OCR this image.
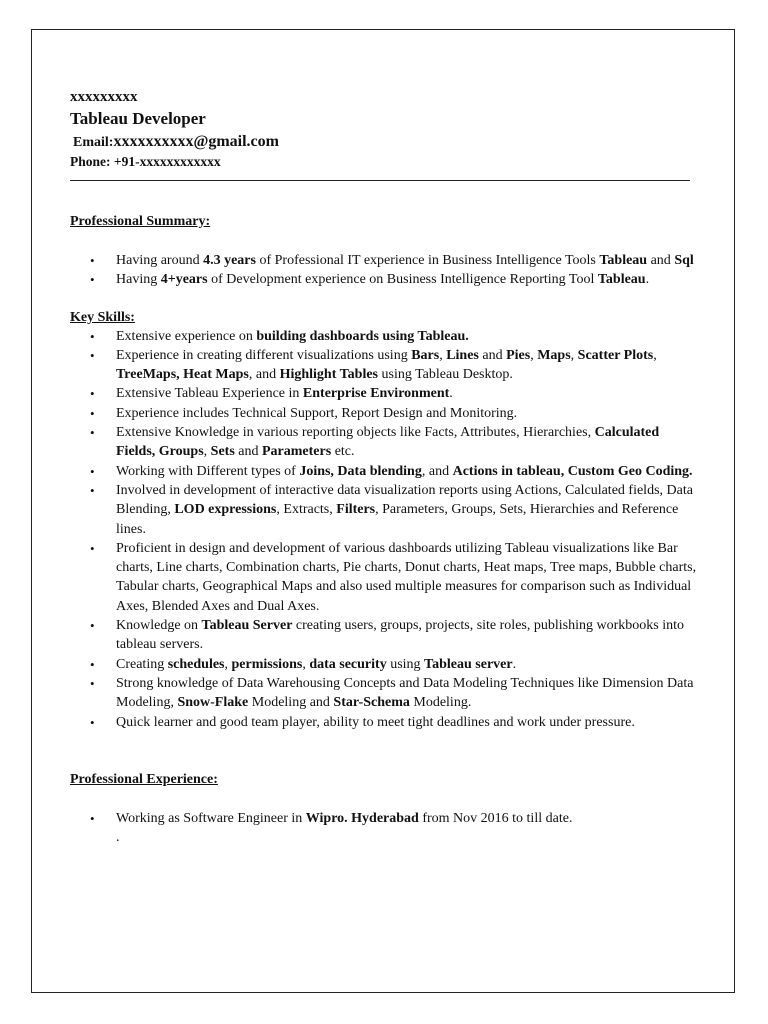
xxxxxxxxx
Tableau Developer
Email:xxxxxxxxxx@gmail.com
Phone: +91-xxxxxxxxxxxx
Professional Summary:
• Having around 4.3 years of Professional IT experience in Business Intelligence Tools Tableau and Sql
• Having 4+years of Development experience on Business Intelligence Reporting Tool Tableau.
Key Skills:
• Extensive experience on building dashboards using Tableau.
• Experience in creating different visualizations using Bars, Lines and Pies, Maps, Scatter Plots, TreeMaps, Heat Maps, and Highlight Tables using Tableau Desktop.
• Extensive Tableau Experience in Enterprise Environment.
• Experience includes Technical Support, Report Design and Monitoring.
• Extensive Knowledge in various reporting objects like Facts, Attributes, Hierarchies, Calculated Fields, Groups, Sets and Parameters etc.
• Working with Different types of Joins, Data blending, and Actions in tableau, Custom Geo Coding.
• Involved in development of interactive data visualization reports using Actions, Calculated fields, Data Blending, LOD expressions, Extracts, Filters, Parameters, Groups, Sets, Hierarchies and Reference lines.
• Proficient in design and development of various dashboards utilizing Tableau visualizations like Bar charts, Line charts, Combination charts, Pie charts, Donut charts, Heat maps, Tree maps, Bubble charts, Tabular charts, Geographical Maps and also used multiple measures for comparison such as Individual Axes, Blended Axes and Dual Axes.
• Knowledge on Tableau Server creating users, groups, projects, site roles, publishing workbooks into tableau servers.
• Creating schedules, permissions, data security using Tableau server.
• Strong knowledge of Data Warehousing Concepts and Data Modeling Techniques like Dimension Data Modeling, Snow-Flake Modeling and Star-Schema Modeling.
• Quick learner and good team player, ability to meet tight deadlines and work under pressure.
Professional Experience:
• Working as Software Engineer in Wipro. Hyderabad from Nov 2016 to till date.
.
